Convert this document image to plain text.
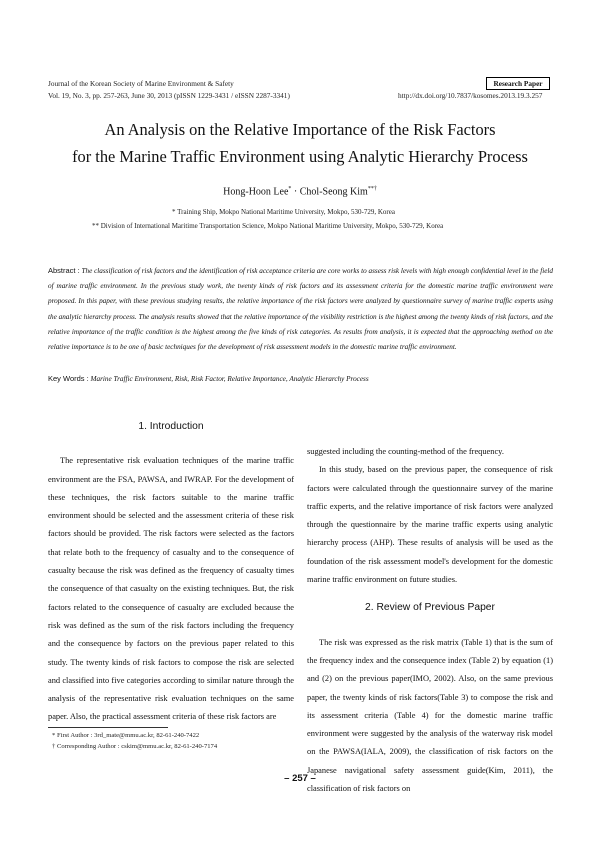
Journal of the Korean Society of Marine Environment & Safety
Vol. 19, No. 3, pp. 257-263, June 30, 2013 (pISSN 1229-3431 / eISSN 2287-3341)
Research Paper
http://dx.doi.org/10.7837/kosomes.2013.19.3.257
An Analysis on the Relative Importance of the Risk Factors
for the Marine Traffic Environment using Analytic Hierarchy Process
Hong-Hoon Lee* · Chol-Seong Kim**†
* Training Ship, Mokpo National Maritime University, Mokpo, 530-729, Korea
** Division of International Maritime Transportation Science, Mokpo National Maritime University, Mokpo, 530-729, Korea
Abstract : The classification of risk factors and the identification of risk acceptance criteria are core works to assess risk levels with high enough confidential level in the field of marine traffic environment. In the previous study work, the twenty kinds of risk factors and its assessment criteria for the domestic marine traffic environment were proposed. In this paper, with these previous studying results, the relative importance of the risk factors were analyzed by questionnaire survey of marine traffic experts using the analytic hierarchy process. The analysis results showed that the relative importance of the visibility restriction is the highest among the twenty kinds of risk factors, and the relative importance of the traffic condition is the highest among the five kinds of risk categories. As results from analysis, it is expected that the approaching method on the relative importance is to be one of basic techniques for the development of risk assessment models in the domestic marine traffic environment.
Key Words : Marine Traffic Environment, Risk, Risk Factor, Relative Importance, Analytic Hierarchy Process
1. Introduction

The representative risk evaluation techniques of the marine traffic environment are the FSA, PAWSA, and IWRAP. For the development of these techniques, the risk factors suitable to the marine traffic environment should be selected and the assessment criteria of these risk factors should be provided. The risk factors were selected as the factors that relate both to the frequency of casualty and to the consequence of casualty because the risk was defined as the frequency of casualty times the consequence of that casualty on the existing techniques. But, the risk factors related to the consequence of casualty are excluded because the risk was defined as the sum of the risk factors including the frequency and the consequence by factors on the previous paper related to this study. The twenty kinds of risk factors to compose the risk are selected and classified into five categories according to similar nature through the analysis of the representative risk evaluation techniques on the same paper. Also, the practical assessment criteria of these risk factors are

suggested including the counting-method of the frequency.

In this study, based on the previous paper, the consequence of risk factors were calculated through the questionnaire survey of the marine traffic experts, and the relative importance of risk factors were analyzed through the questionnaire by the marine traffic experts using analytic hierarchy process (AHP). These results of analysis will be used as the foundation of the risk assessment model's development for the domestic marine traffic environment on future studies.

2. Review of Previous Paper

The risk was expressed as the risk matrix (Table 1) that is the sum of the frequency index and the consequence index (Table 2) by equation (1) and (2) on the previous paper(IMO, 2002). Also, on the same previous paper, the twenty kinds of risk factors(Table 3) to compose the risk and its assessment criteria (Table 4) for the domestic marine traffic environment were suggested by the analysis of the waterway risk model on the PAWSA(IALA, 2009), the classification of risk factors on the Japanese navigational safety assessment guide(Kim, 2011), the classification of risk factors on

* First Author : 3rd_mate@mmu.ac.kr, 82-61-240-7422
† Corresponding Author : cskim@mmu.ac.kr, 82-61-240-7174
– 257 –
